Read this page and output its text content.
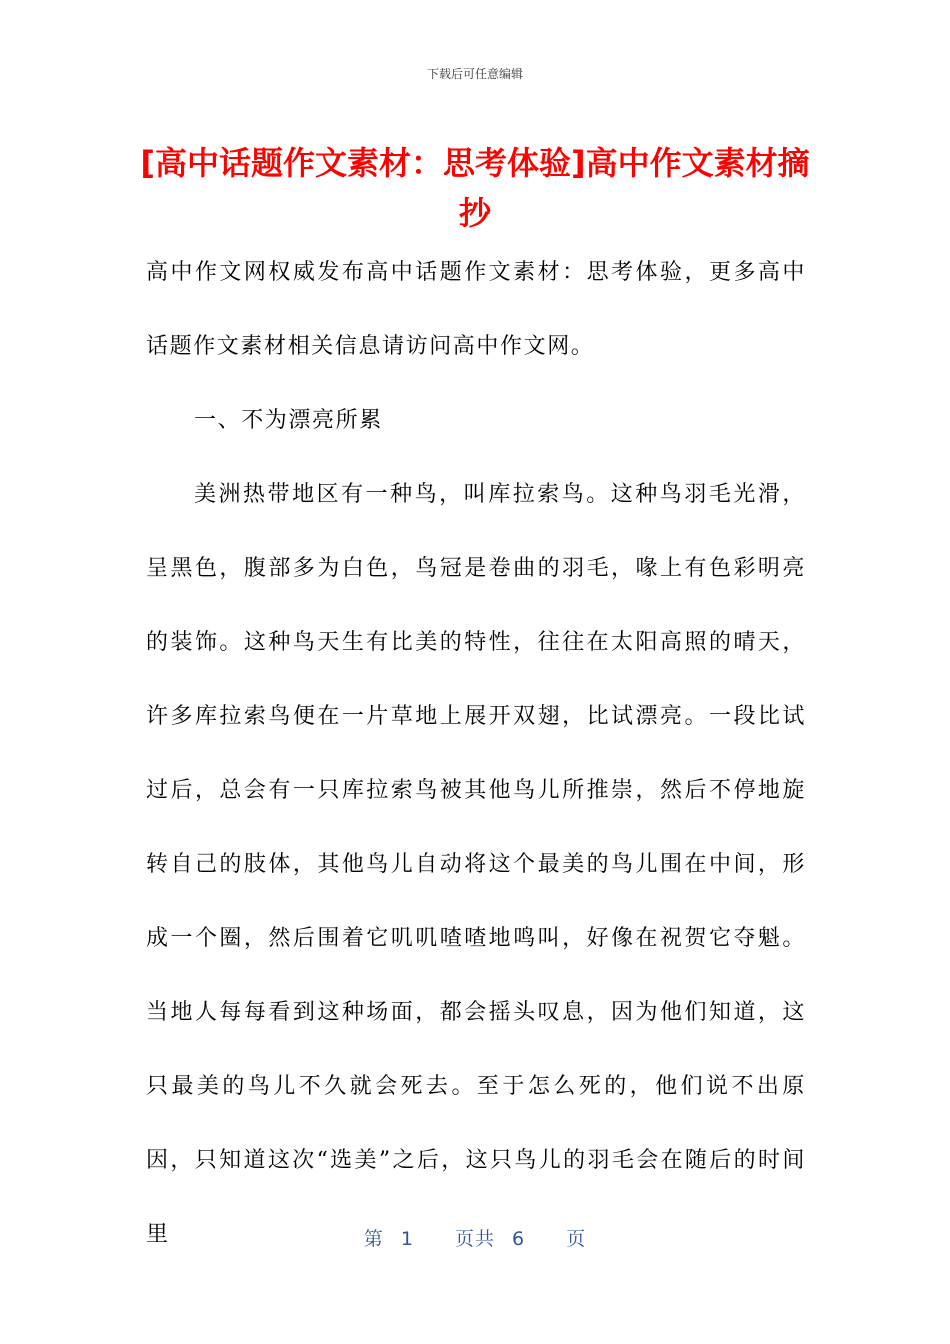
下载后可任意编辑
[高中话题作文素材：思考体验]高中作文素材摘抄

高中作文网权威发布高中话题作文素材：思考体验，更多高中话题作文素材相关信息请访问高中作文网。

一、不为漂亮所累

美洲热带地区有一种鸟，叫库拉索鸟。这种鸟羽毛光滑，呈黑色，腹部多为白色，鸟冠是卷曲的羽毛，喙上有色彩明亮的装饰。这种鸟天生有比美的特性，往往在太阳高照的晴天，许多库拉索鸟便在一片草地上展开双翅，比试漂亮。一段比试过后，总会有一只库拉索鸟被其他鸟儿所推崇，然后不停地旋转自己的肢体，其他鸟儿自动将这个最美的鸟儿围在中间，形成一个圈，然后围着它叽叽喳喳地鸣叫，好像在祝贺它夺魁。当地人每每看到这种场面，都会摇头叹息，因为他们知道，这只最美的鸟儿不久就会死去。至于怎么死的，他们说不出原因，只知道这次“选美”之后，这只鸟儿的羽毛会在随后的时间里	第 1 页共 6 页
